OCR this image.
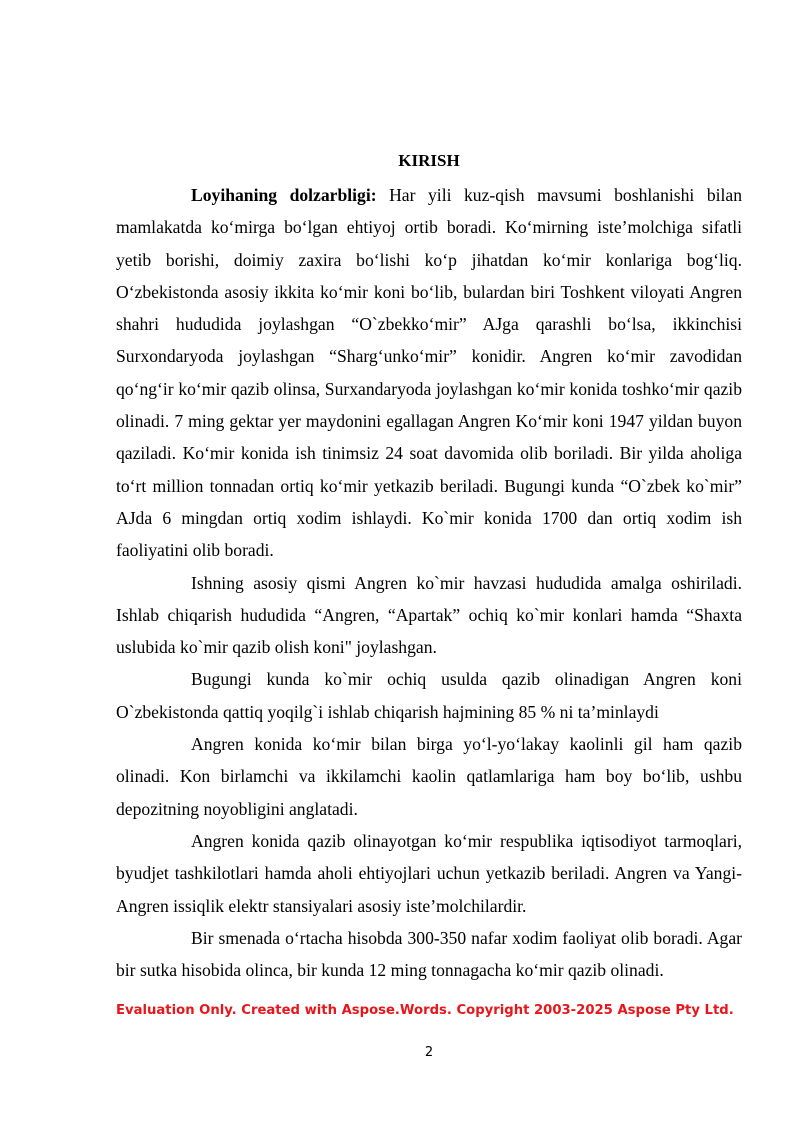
KIRISH

Loyihaning dolzarbligi: Har yili kuz-qish mavsumi boshlanishi bilan mamlakatda ko‘mirga bo‘lgan ehtiyoj ortib boradi. Ko‘mirning iste’molchiga sifatli yetib borishi, doimiy zaxira bo‘lishi ko‘p jihatdan ko‘mir konlariga bog‘liq. O‘zbekistonda asosiy ikkita ko‘mir koni bo‘lib, bulardan biri Toshkent viloyati Angren shahri hududida joylashgan “O`zbekko‘mir” AJga qarashli bo‘lsa, ikkinchisi Surxondaryoda joylashgan “Sharg‘unko‘mir” konidir. Angren ko‘mir zavodidan qo‘ng‘ir ko‘mir qazib olinsa, Surxandaryoda joylashgan ko‘mir konida toshko‘mir qazib olinadi. 7 ming gektar yer maydonini egallagan Angren Ko‘mir koni 1947 yildan buyon qaziladi. Ko‘mir konida ish tinimsiz 24 soat davomida olib boriladi. Bir yilda aholiga to‘rt million tonnadan ortiq ko‘mir yetkazib beriladi. Bugungi kunda “O`zbek ko`mir” AJda 6 mingdan ortiq xodim ishlaydi. Ko`mir konida 1700 dan ortiq xodim ish faoliyatini olib boradi.

Ishning asosiy qismi Angren ko`mir havzasi hududida amalga oshiriladi. Ishlab chiqarish hududida “Angren, “Apartak” ochiq ko`mir konlari hamda “Shaxta uslubida ko`mir qazib olish koni" joylashgan.

Bugungi kunda ko`mir ochiq usulda qazib olinadigan Angren koni O`zbekistonda qattiq yoqilg`i ishlab chiqarish hajmining 85 % ni ta’minlaydi

Angren konida ko‘mir bilan birga yo‘l-yo‘lakay kaolinli gil ham qazib olinadi. Kon birlamchi va ikkilamchi kaolin qatlamlariga ham boy bo‘lib, ushbu depozitning noyobligini anglatadi.

Angren konida qazib olinayotgan ko‘mir respublika iqtisodiyot tarmoqlari, byudjet tashkilotlari hamda aholi ehtiyojlari uchun yetkazib beriladi. Angren va Yangi-Angren issiqlik elektr stansiyalari asosiy iste’molchilardir.

Bir smenada o‘rtacha hisobda 300-350 nafar xodim faoliyat olib boradi. Agar bir sutka hisobida olinca, bir kunda 12 ming tonnagacha ko‘mir qazib olinadi.

Evaluation Only. Created with Aspose.Words. Copyright 2003-2025 Aspose Pty Ltd.
2
